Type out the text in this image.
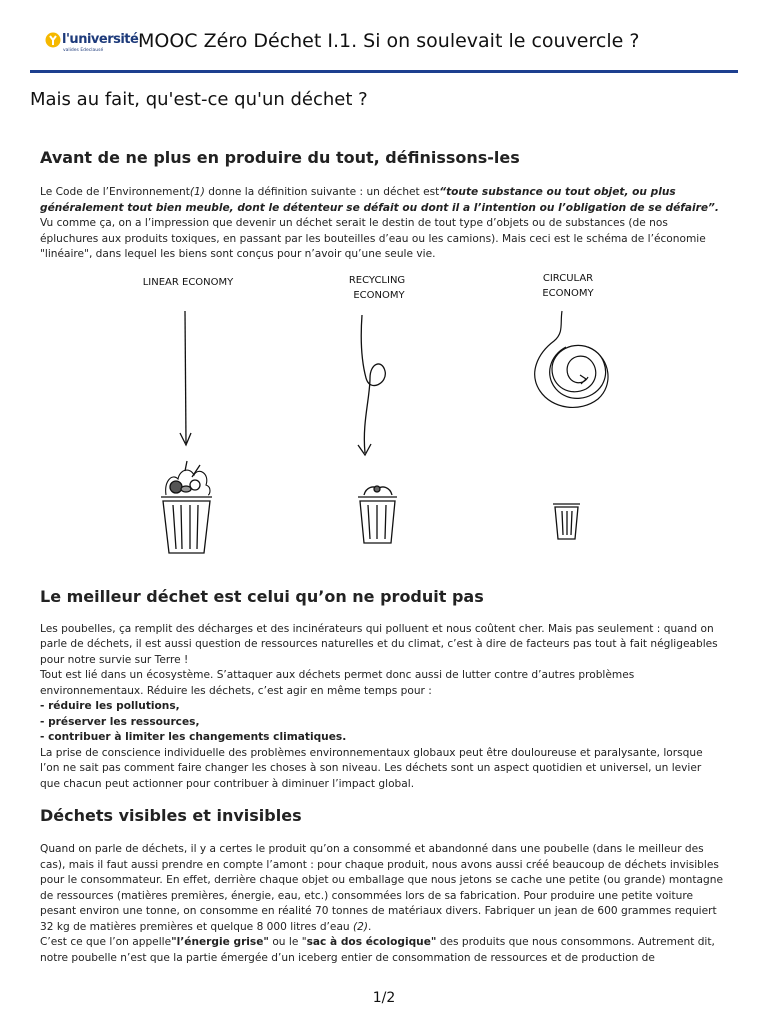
l'université
valides Edeclausé MOOC Zéro Déchet I.1. Si on soulevait le couvercle ?
Mais au fait, qu'est-ce qu'un déchet ?
Avant de ne plus en produire du tout, définissons-les

Le Code de l’Environnement(1) donne la définition suivante : un déchet est“toute substance ou tout objet, ou plus généralement tout bien meuble, dont le détenteur se défait ou dont il a l’intention ou l’obligation de se défaire”.

Vu comme ça, on a l’impression que devenir un déchet serait le destin de tout type d’objets ou de substances (de nos épluchures aux produits toxiques, en passant par les bouteilles d’eau ou les camions). Mais ceci est le schéma de l’économie "linéaire", dans lequel les biens sont conçus pour n’avoir qu’une seule vie.

LINEAR ECONOMY	RECYCLING
ECONOMY
CIRCULAR
ECONOMY
Le meilleur déchet est celui qu’on ne produit pas

Les poubelles, ça remplit des décharges et des incinérateurs qui polluent et nous coûtent cher. Mais pas seulement : quand on parle de déchets, il est aussi question de ressources naturelles et du climat, c’est à dire de facteurs pas tout à fait négligeables pour notre survie sur Terre !

Tout est lié dans un écosystème. S’attaquer aux déchets permet donc aussi de lutter contre d’autres problèmes environnementaux. Réduire les déchets, c’est agir en même temps pour :

- réduire les pollutions,

- préserver les ressources,

- contribuer à limiter les changements climatiques.

La prise de conscience individuelle des problèmes environnementaux globaux peut être douloureuse et paralysante, lorsque l’on ne sait pas comment faire changer les choses à son niveau. Les déchets sont un aspect quotidien et universel, un levier que chacun peut actionner pour contribuer à diminuer l’impact global.

Déchets visibles et invisibles

Quand on parle de déchets, il y a certes le produit qu’on a consommé et abandonné dans une poubelle (dans le meilleur des cas), mais il faut aussi prendre en compte l’amont : pour chaque produit, nous avons aussi créé beaucoup de déchets invisibles pour le consommateur. En effet, derrière chaque objet ou emballage que nous jetons se cache une petite (ou grande) montagne de ressources (matières premières, énergie, eau, etc.) consommées lors de sa fabrication. Pour produire une petite voiture pesant environ une tonne, on consomme en réalité 70 tonnes de matériaux divers. Fabriquer un jean de 600 grammes requiert 32 kg de matières premières et quelque 8 000 litres d’eau (2).

C’est ce que l’on appelle"l’énergie grise" ou le "sac à dos écologique" des produits que nous consommons. Autrement dit, notre poubelle n’est que la partie émergée d’un iceberg entier de consommation de ressources et de production de

1/2
